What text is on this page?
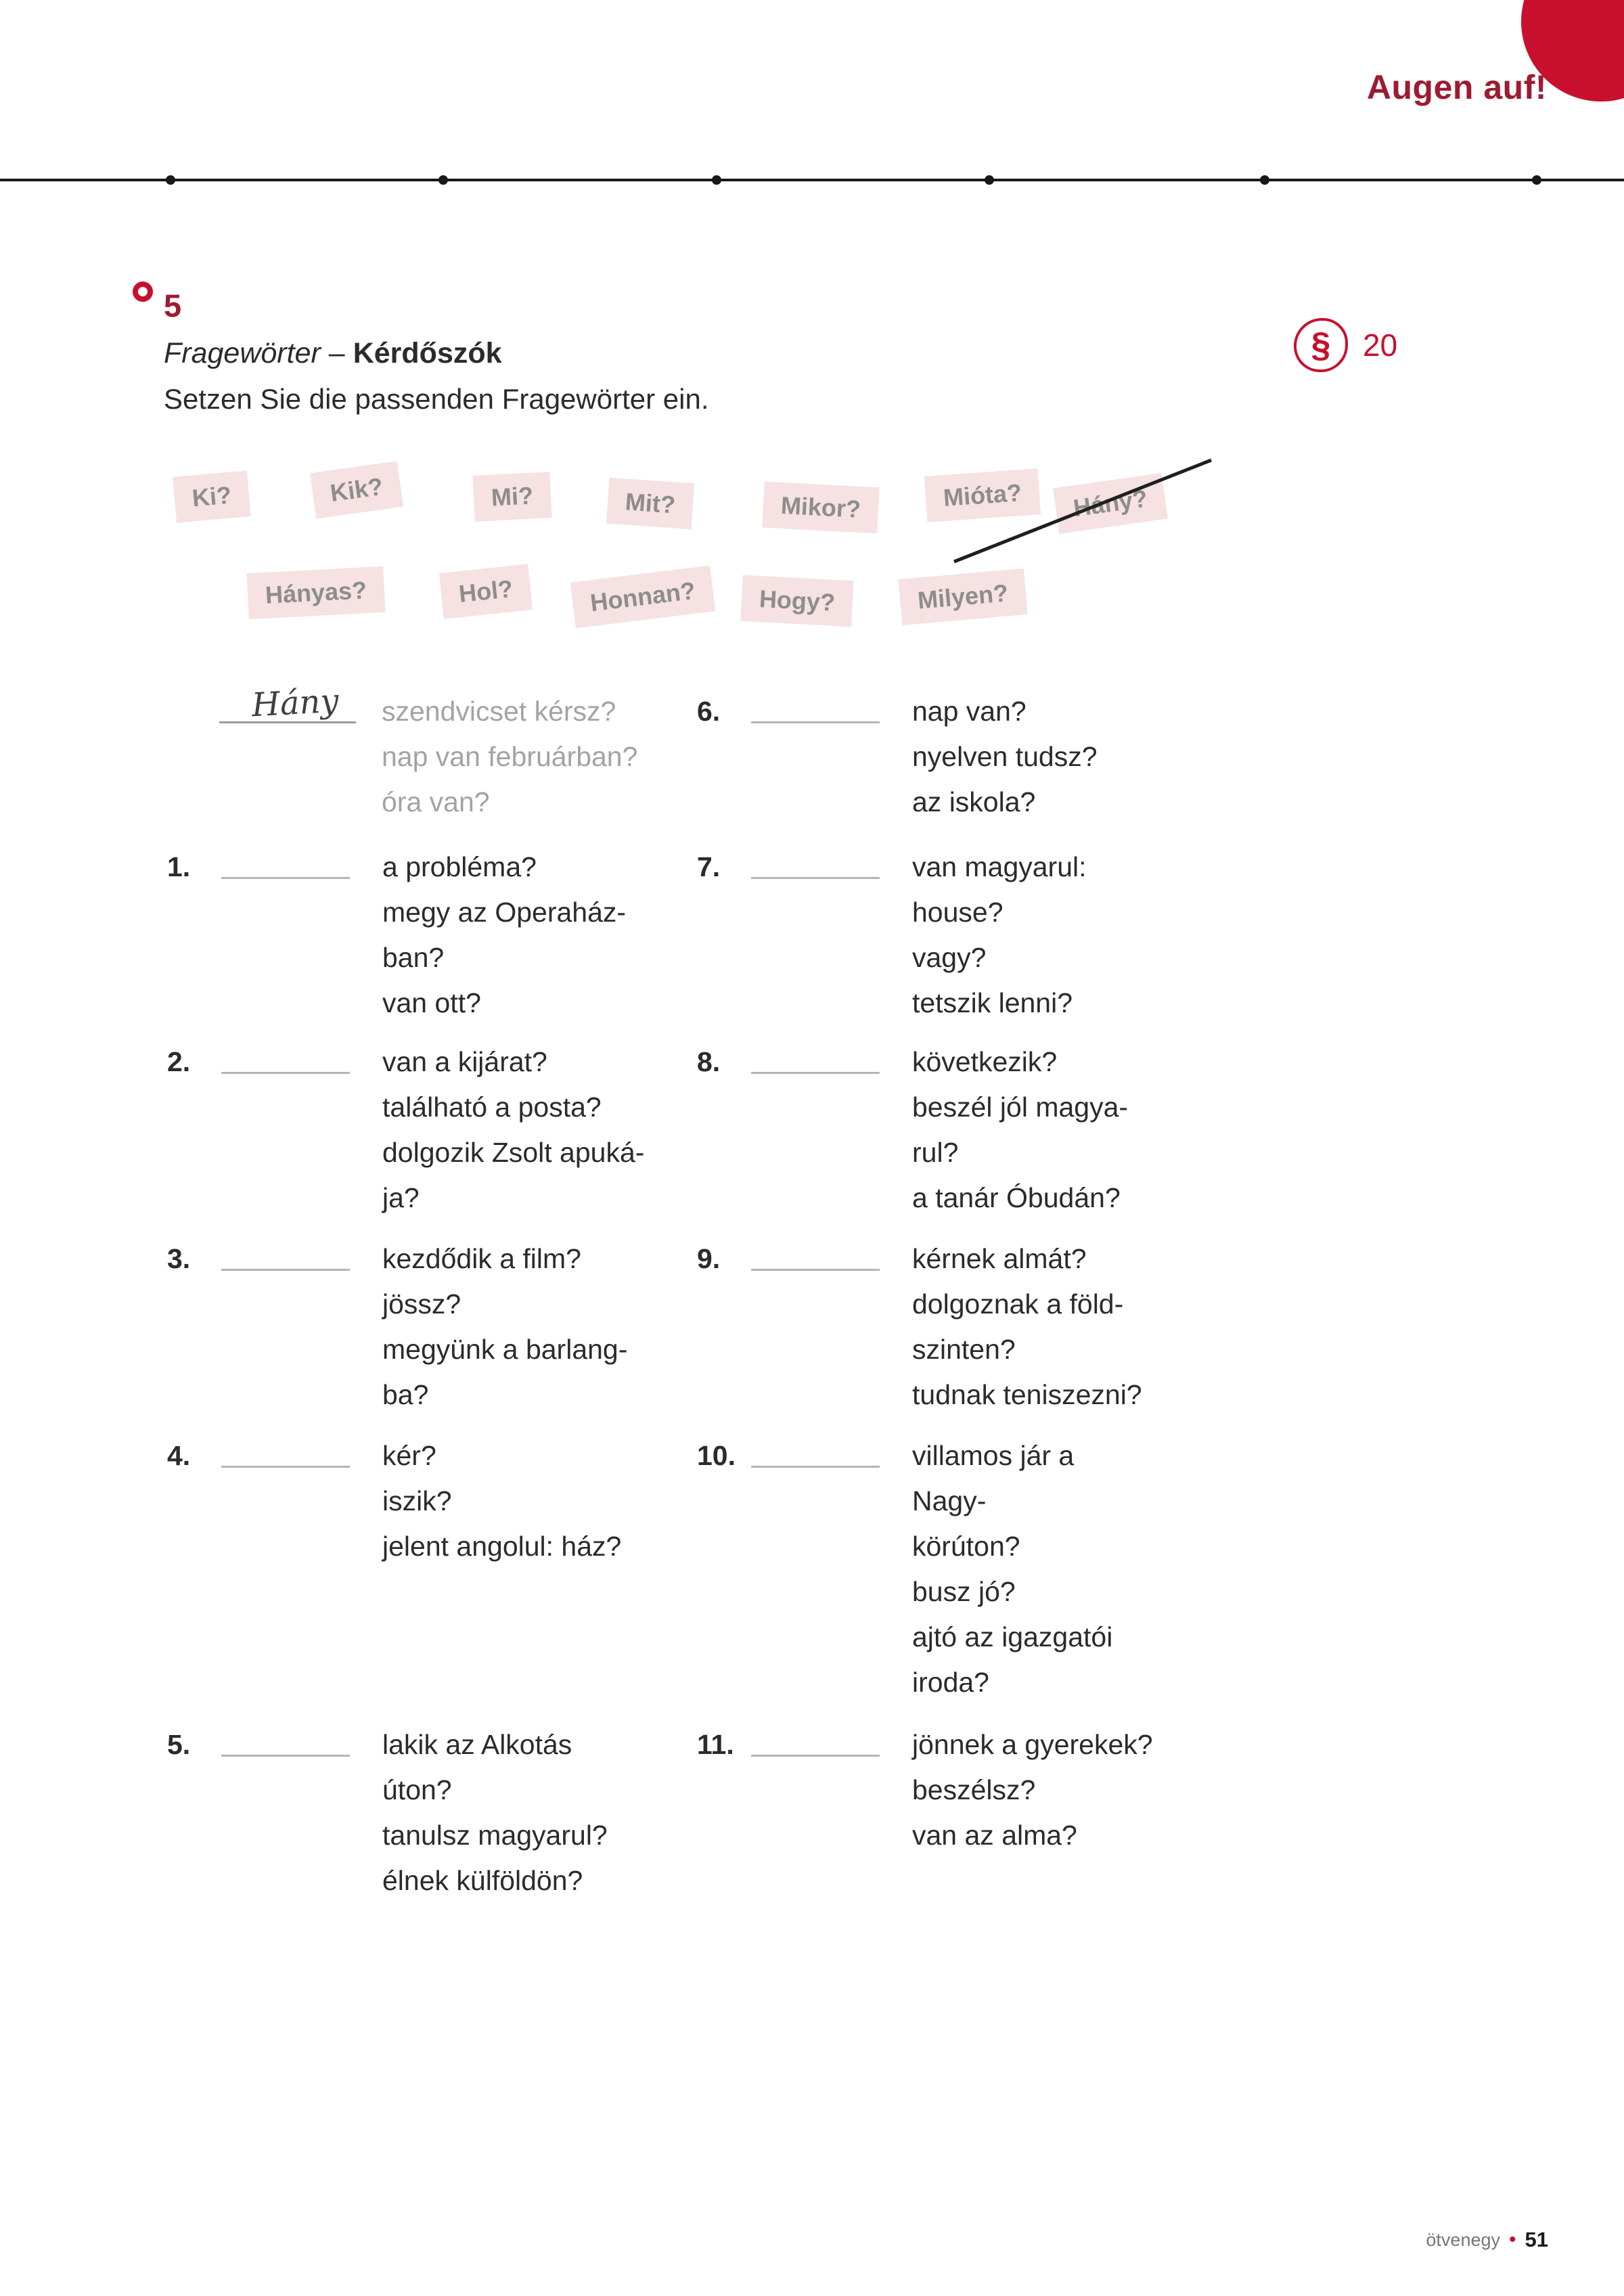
Augen auf!
5
Fragewörter – Kérdőszók
Setzen Sie die passenden Fragewörter ein.
§	20
Ki?	Kik?	Mi?	Mit?	Mikor?	Mióta?	Hány?
Hányas?	Hol?	Honnan?	Hogy?	Milyen?
Hány szendvicset kérsz?
nap van februárban?
óra van?
1.	a probléma?
megy az Operaház-
ban?
van ott?
2.	van a kijárat?
található a posta?
dolgozik Zsolt apuká-
ja?
3.	kezdődik a film?
jössz?
megyünk a barlang-
ba?
4.	kér?
iszik?
jelent angolul: ház?
5.	lakik az Alkotás
úton?
tanulsz magyarul?
élnek külföldön?
6.	nap van?
nyelven tudsz?
az iskola?
7.	van magyarul:
house?
vagy?
tetszik lenni?
8.	következik?
beszél jól magya-
rul?
a tanár Óbudán?
9.	kérnek almát?
dolgoznak a föld-
szinten?
tudnak teniszezni?
10.	villamos jár a
Nagy-
körúton?
busz jó?
ajtó az igazgatói
iroda?
11.	jönnek a gyerekek?
beszélsz?
van az alma?
ötvenegy • 51
